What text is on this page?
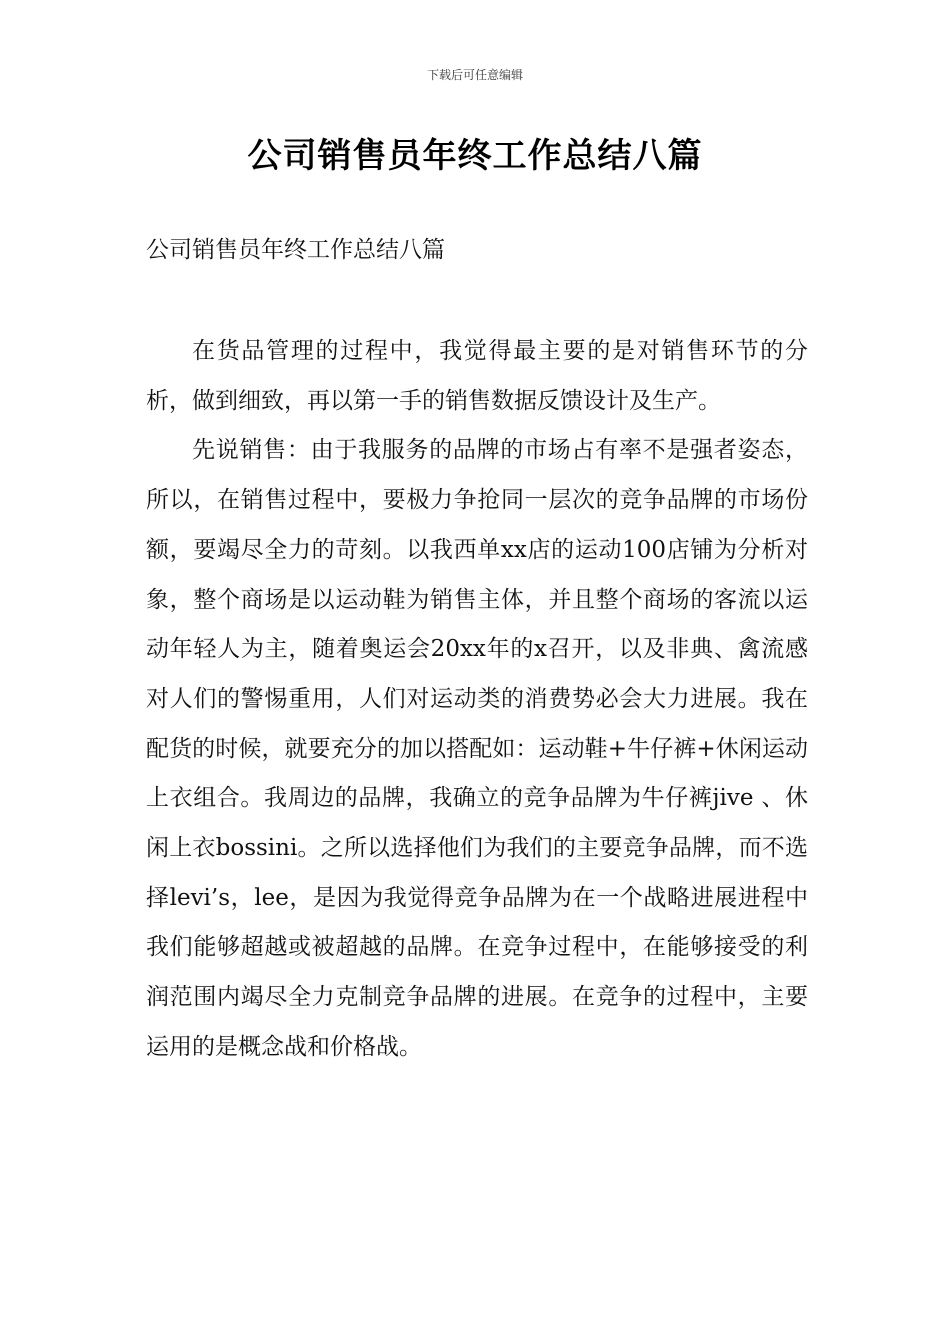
下载后可任意编辑
公司销售员年终工作总结八篇
公司销售员年终工作总结八篇

在货品管理的过程中，我觉得最主要的是对销售环节的分析，做到细致，再以第一手的销售数据反馈设计及生产。

先说销售：由于我服务的品牌的市场占有率不是强者姿态，所以，在销售过程中，要极力争抢同一层次的竞争品牌的市场份额，要竭尽全力的苛刻。以我西单xx店的运动100店铺为分析对象，整个商场是以运动鞋为销售主体，并且整个商场的客流以运动年轻人为主，随着奥运会20xx年的x召开，以及非典、禽流感对人们的警惕重用，人们对运动类的消费势必会大力进展。我在配货的时候，就要充分的加以搭配如：运动鞋+牛仔裤+休闲运动上衣组合。我周边的品牌，我确立的竞争品牌为牛仔裤jive 、休闲上衣bossini。之所以选择他们为我们的主要竞争品牌，而不选择levi’s，lee，是因为我觉得竞争品牌为在一个战略进展进程中我们能够超越或被超越的品牌。在竞争过程中，在能够接受的利润范围内竭尽全力克制竞争品牌的进展。在竞争的过程中，主要运用的是概念战和价格战。
